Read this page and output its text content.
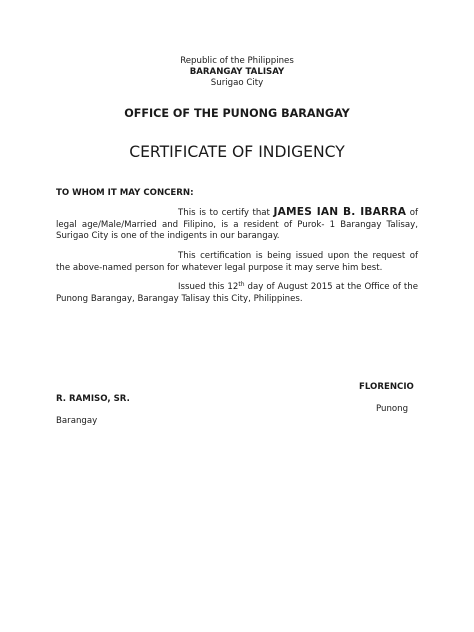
Republic of the Philippines
BARANGAY TALISAY
Surigao City
OFFICE OF THE PUNONG BARANGAY
CERTIFICATE OF INDIGENCY
TO WHOM IT MAY CONCERN:

This is to certify that JAMES IAN B. IBARRA of legal age/Male/Married and Filipino, is a resident of Purok- 1 Barangay Talisay, Surigao City is one of the indigents in our barangay.

This certification is being issued upon the request of the above-named person for whatever legal purpose it may serve him best.

Issued this 12th day of August 2015 at the Office of the Punong Barangay, Barangay Talisay this City, Philippines.

FLORENCIO
R. RAMISO, SR.
Punong
Barangay
